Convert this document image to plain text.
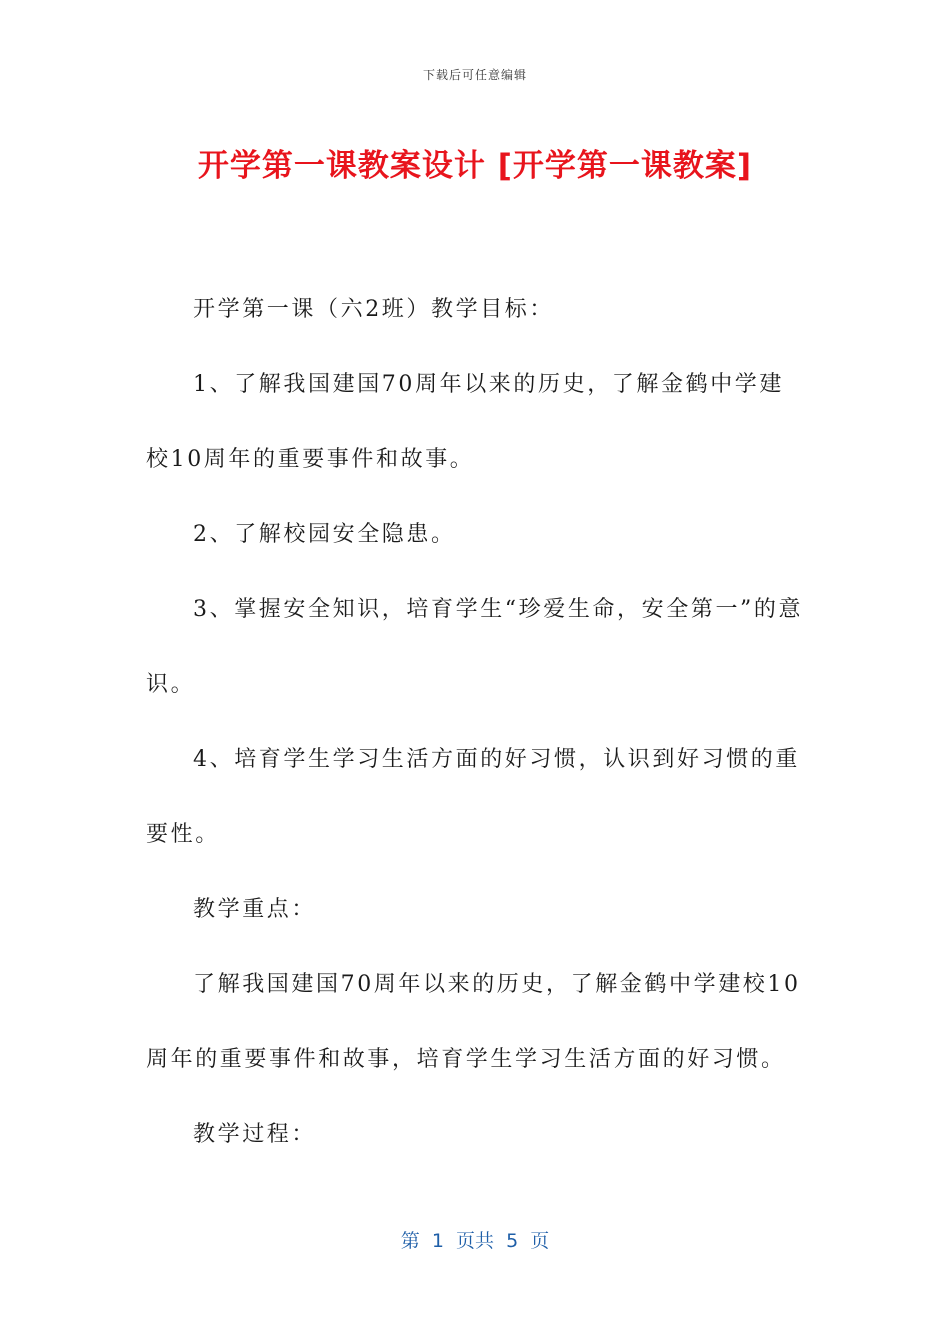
下载后可任意编辑
开学第一课教案设计 [开学第一课教案]

开学第一课（六2班）教学目标：

1、了解我国建国70周年以来的历史，了解金鹤中学建校10周年的重要事件和故事。

2、了解校园安全隐患。

3、掌握安全知识，培育学生“珍爱生命，安全第一”的意识。

4、培育学生学习生活方面的好习惯，认识到好习惯的重要性。

教学重点：

了解我国建国70周年以来的历史，了解金鹤中学建校10周年的重要事件和故事，培育学生学习生活方面的好习惯。

教学过程：

第  1  页共  5  页
